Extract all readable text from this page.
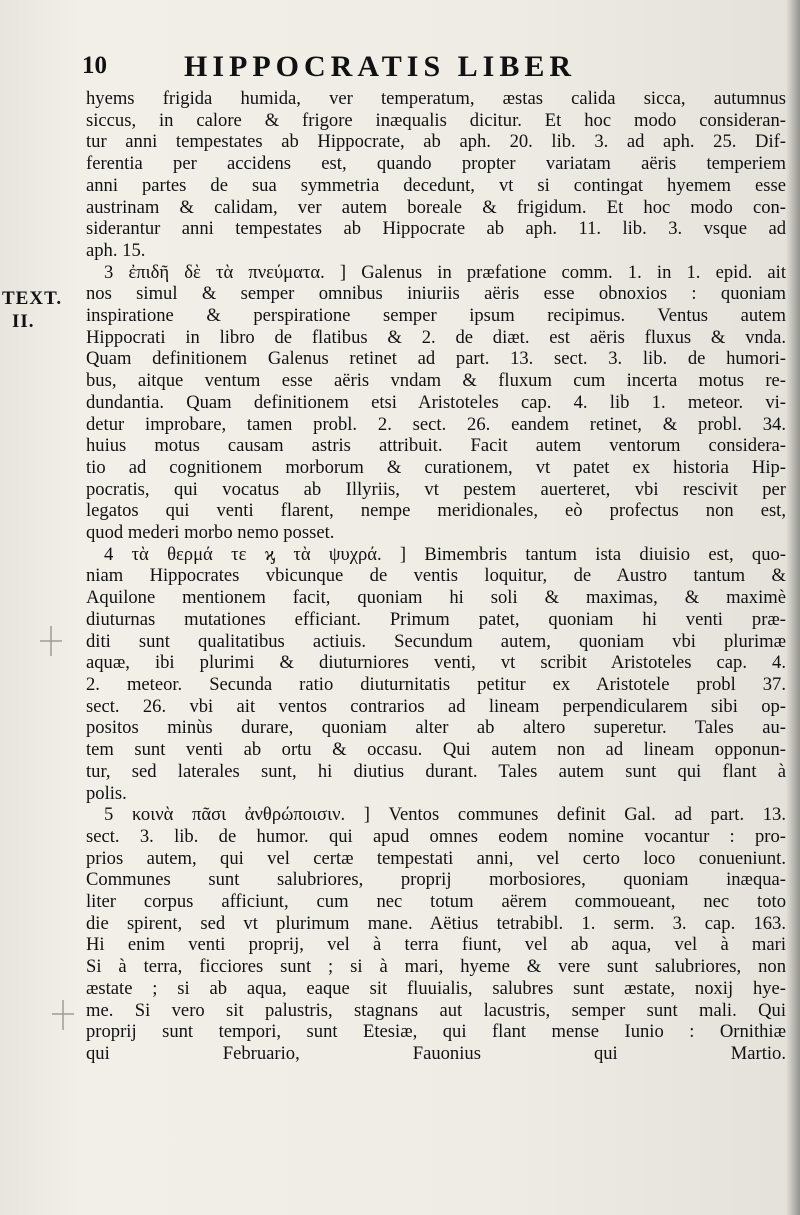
10	HIPPOCRATIS LIBER
TEXT.
II.
hyems frigida humida, ver temperatum, æstas calida sicca, autumnus
siccus, in calore & frigore inæqualis dicitur. Et hoc modo consideran-
tur anni tempestates ab Hippocrate, ab aph. 20. lib. 3. ad aph. 25. Dif-
ferentia per accidens est, quando propter variatam aëris temperiem
anni partes de sua symmetria decedunt, vt si contingat hyemem esse
austrinam & calidam, ver autem boreale & frigidum. Et hoc modo con-
siderantur anni tempestates ab Hippocrate ab aph. 11. lib. 3. vsque ad
aph. 15.
3 ἐπιδῆ δὲ τὰ πνεύματα. ] Galenus in præfatione comm. 1. in 1. epid. ait
nos simul & semper omnibus iniuriis aëris esse obnoxios : quoniam
inspiratione & perspiratione semper ipsum recipimus. Ventus autem
Hippocrati in libro de flatibus & 2. de diæt. est aëris fluxus & vnda.
Quam definitionem Galenus retinet ad part. 13. sect. 3. lib. de humori-
bus, aitque ventum esse aëris vndam & fluxum cum incerta motus re-
dundantia. Quam definitionem etsi Aristoteles cap. 4. lib 1. meteor. vi-
detur improbare, tamen probl. 2. sect. 26. eandem retinet, & probl. 34.
huius motus causam astris attribuit. Facit autem ventorum considera-
tio ad cognitionem morborum & curationem, vt patet ex historia Hip-
pocratis, qui vocatus ab Illyriis, vt pestem auerteret, vbi rescivit per
legatos qui venti flarent, nempe meridionales, eò profectus non est,
quod mederi morbo nemo posset.
4 τὰ θερμά τε ϗ τὰ ψυχρά. ] Bimembris tantum ista diuisio est, quo-
niam Hippocrates vbicunque de ventis loquitur, de Austro tantum &
Aquilone mentionem facit, quoniam hi soli & maximas, & maximè
diuturnas mutationes efficiant. Primum patet, quoniam hi venti præ-
diti sunt qualitatibus actiuis. Secundum autem, quoniam vbi plurimæ
aquæ, ibi plurimi & diuturniores venti, vt scribit Aristoteles cap. 4.
2. meteor. Secunda ratio diuturnitatis petitur ex Aristotele probl 37.
sect. 26. vbi ait ventos contrarios ad lineam perpendicularem sibi op-
positos minùs durare, quoniam alter ab altero superetur. Tales au-
tem sunt venti ab ortu & occasu. Qui autem non ad lineam opponun-
tur, sed laterales sunt, hi diutius durant. Tales autem sunt qui flant à
polis.
5 κοινὰ πᾶσι ἀνθρώποισιν. ] Ventos communes definit Gal. ad part. 13.
sect. 3. lib. de humor. qui apud omnes eodem nomine vocantur : pro-
prios autem, qui vel certæ tempestati anni, vel certo loco conueniunt.
Communes sunt salubriores, proprij morbosiores, quoniam inæqua-
liter corpus afficiunt, cum nec totum aërem commoueant, nec toto
die spirent, sed vt plurimum mane. Aëtius tetrabibl. 1. serm. 3. cap. 163.
Hi enim venti proprij, vel à terra fiunt, vel ab aqua, vel à mari
Si à terra, ficciores sunt ; si à mari, hyeme & vere sunt salubriores, non
æstate ; si ab aqua, eaque sit fluuialis, salubres sunt æstate, noxij hye-
me. Si vero sit palustris, stagnans aut lacustris, semper sunt mali. Qui
proprij sunt tempori, sunt Etesiæ, qui flant mense Iunio : Ornithiæ
qui Februario, Fauonius qui Martio.
